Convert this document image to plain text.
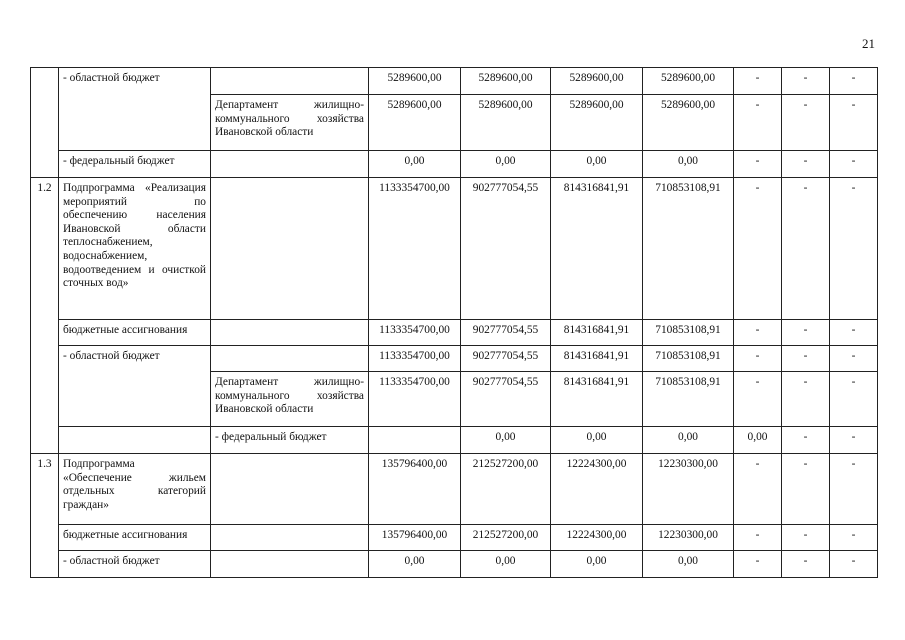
21
	- областной бюджет		5289600,00	5289600,00	5289600,00	5289600,00	-	-	-	
		Департамент жилищно-коммунального хозяйства Ивановской области	5289600,00	5289600,00	5289600,00	5289600,00	-	-	-	
	- федеральный бюджет		0,00	0,00	0,00	0,00	-	-	-	
1.2	Подпрограмма «Реализация мероприятий по обеспечению населения Ивановской области теплоснабжением, водоснабжением, водоотведением и очисткой сточных вод»		1133354700,00	902777054,55	814316841,91	710853108,91	-	-	-	
	бюджетные ассигнования		1133354700,00	902777054,55	814316841,91	710853108,91	-	-	-	
	- областной бюджет		1133354700,00	902777054,55	814316841,91	710853108,91	-	-	-	
		Департамент жилищно-коммунального хозяйства Ивановской области	1133354700,00	902777054,55	814316841,91	710853108,91	-	-	-	
		- федеральный бюджет		0,00	0,00	0,00	0,00	-	-	
1.3	Подпрограмма «Обеспечение жильем отдельных категорий граждан»		135796400,00	212527200,00	12224300,00	12230300,00	-	-	-	
	бюджетные ассигнования		135796400,00	212527200,00	12224300,00	12230300,00	-	-	-	
	- областной бюджет		0,00	0,00	0,00	0,00	-	-	-	
